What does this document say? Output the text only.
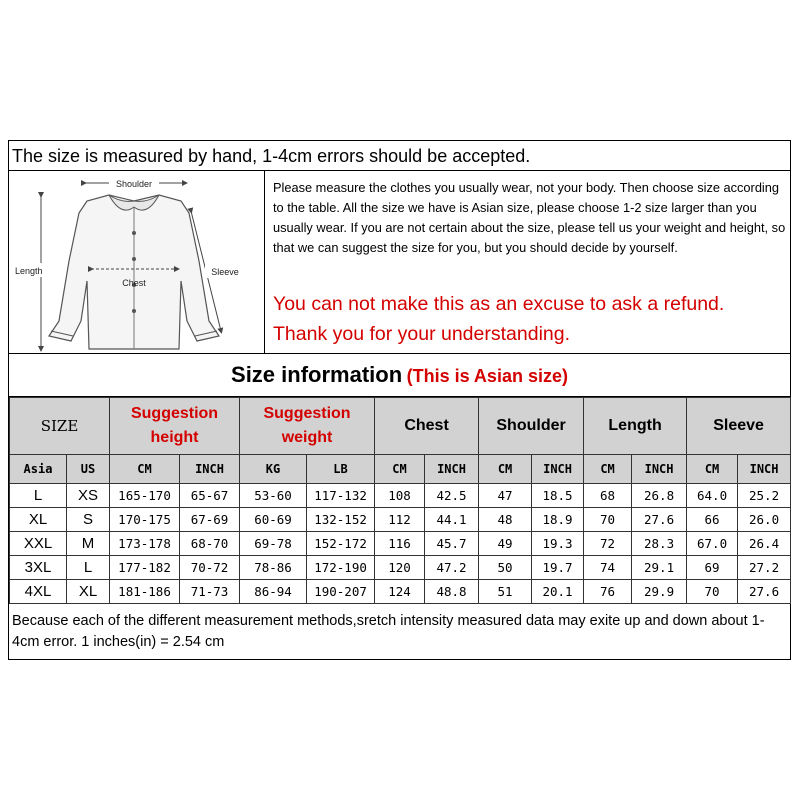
The size is measured by hand, 1-4cm errors should be accepted.
Shoulder
Length
Chest
Sleeve
Please measure the clothes you usually wear, not your body. Then choose size according to the table. All the size we have is Asian size, please choose 1-2 size larger than you usually wear. If you are not certain about the size, please tell us your weight and height, so that we can suggest the size for you, but you should decide by yourself.
You can not make this as an excuse to ask a refund.
Thank you for your understanding.
Size information (This is Asian size)
SIZE		Suggestion height		Suggestion weight		Chest		Shoulder		Length		Sleeve	
Asia	US	CM	INCH	KG	LB	CM	INCH	CM	INCH	CM	INCH	CM	INCH
L	XS	165-170	65-67	53-60	117-132	108	42.5	47	18.5	68	26.8	64.0	25.2
XL	S	170-175	67-69	60-69	132-152	112	44.1	48	18.9	70	27.6	66	26.0
XXL	M	173-178	68-70	69-78	152-172	116	45.7	49	19.3	72	28.3	67.0	26.4
3XL	L	177-182	70-72	78-86	172-190	120	47.2	50	19.7	74	29.1	69	27.2
4XL	XL	181-186	71-73	86-94	190-207	124	48.8	51	20.1	76	29.9	70	27.6
Because each of the different measurement methods,sretch intensity measured data may exite up and down about 1-4cm error. 1 inches(in) = 2.54 cm
